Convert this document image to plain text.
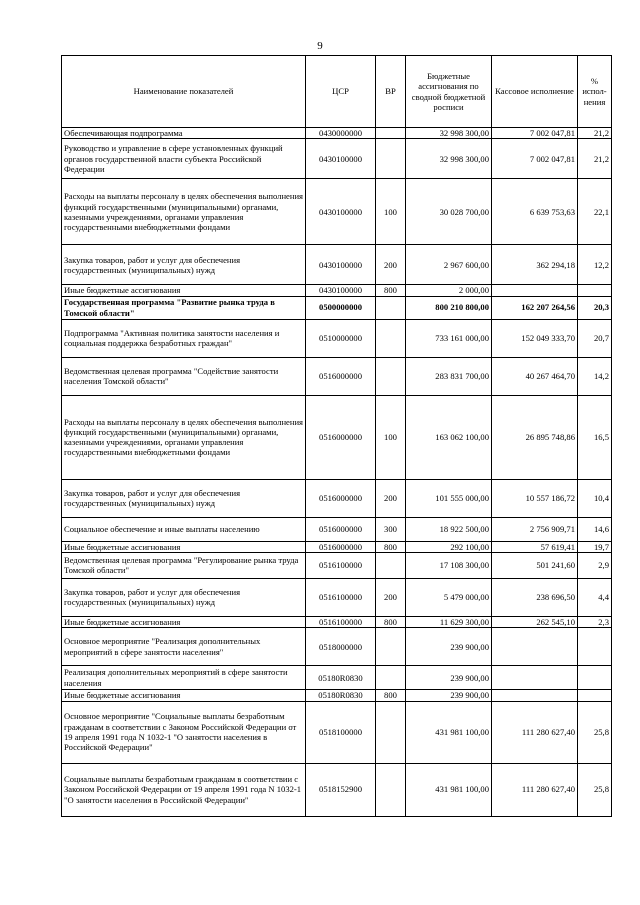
9
Наименование показателей	ЦСР	ВР	Бюджетные ассигнования по сводной бюджетной росписи	Кассовое исполнение	% испол-нения
Обеспечивающая подпрограмма	0430000000		32 998 300,00	7 002 047,81	21,2
Руководство и управление в сфере установленных функций органов государственной власти субъекта Российской Федерации	0430100000		32 998 300,00	7 002 047,81	21,2
Расходы на выплаты персоналу в целях обеспечения выполнения функций государственными (муниципальными) органами, казенными учреждениями, органами управления государственными внебюджетными фондами	0430100000	100	30 028 700,00	6 639 753,63	22,1
Закупка товаров, работ и услуг для обеспечения государственных (муниципальных) нужд	0430100000	200	2 967 600,00	362 294,18	12,2
Иные бюджетные ассигнования	0430100000	800	2 000,00		
Государственная программа "Развитие рынка труда в Томской области"	0500000000		800 210 800,00	162 207 264,56	20,3
Подпрограмма "Активная политика занятости населения и социальная поддержка безработных граждан"	0510000000		733 161 000,00	152 049 333,70	20,7
Ведомственная целевая программа "Содействие занятости населения Томской области"	0516000000		283 831 700,00	40 267 464,70	14,2
Расходы на выплаты персоналу в целях обеспечения выполнения функций государственными (муниципальными) органами, казенными учреждениями, органами управления государственными внебюджетными фондами	0516000000	100	163 062 100,00	26 895 748,86	16,5
Закупка товаров, работ и услуг для обеспечения государственных (муниципальных) нужд	0516000000	200	101 555 000,00	10 557 186,72	10,4
Социальное обеспечение и иные выплаты населению	0516000000	300	18 922 500,00	2 756 909,71	14,6
Иные бюджетные ассигнования	0516000000	800	292 100,00	57 619,41	19,7
Ведомственная целевая программа "Регулирование рынка труда Томской области"	0516100000		17 108 300,00	501 241,60	2,9
Закупка товаров, работ и услуг для обеспечения государственных (муниципальных) нужд	0516100000	200	5 479 000,00	238 696,50	4,4
Иные бюджетные ассигнования	0516100000	800	11 629 300,00	262 545,10	2,3
Основное мероприятие "Реализация дополнительных мероприятий в сфере занятости населения"	0518000000		239 900,00		
Реализация дополнительных мероприятий в сфере занятости населения	05180R0830		239 900,00		
Иные бюджетные ассигнования	05180R0830	800	239 900,00		
Основное мероприятие "Социальные выплаты безработным гражданам в соответствии с Законом Российской Федерации от 19 апреля 1991 года N 1032-1 "О занятости населения в Российской Федерации"	0518100000		431 981 100,00	111 280 627,40	25,8
Социальные выплаты безработным гражданам в соответствии с Законом Российской Федерации от 19 апреля 1991 года N 1032-1 "О занятости населения в Российской Федерации"	0518152900		431 981 100,00	111 280 627,40	25,8
